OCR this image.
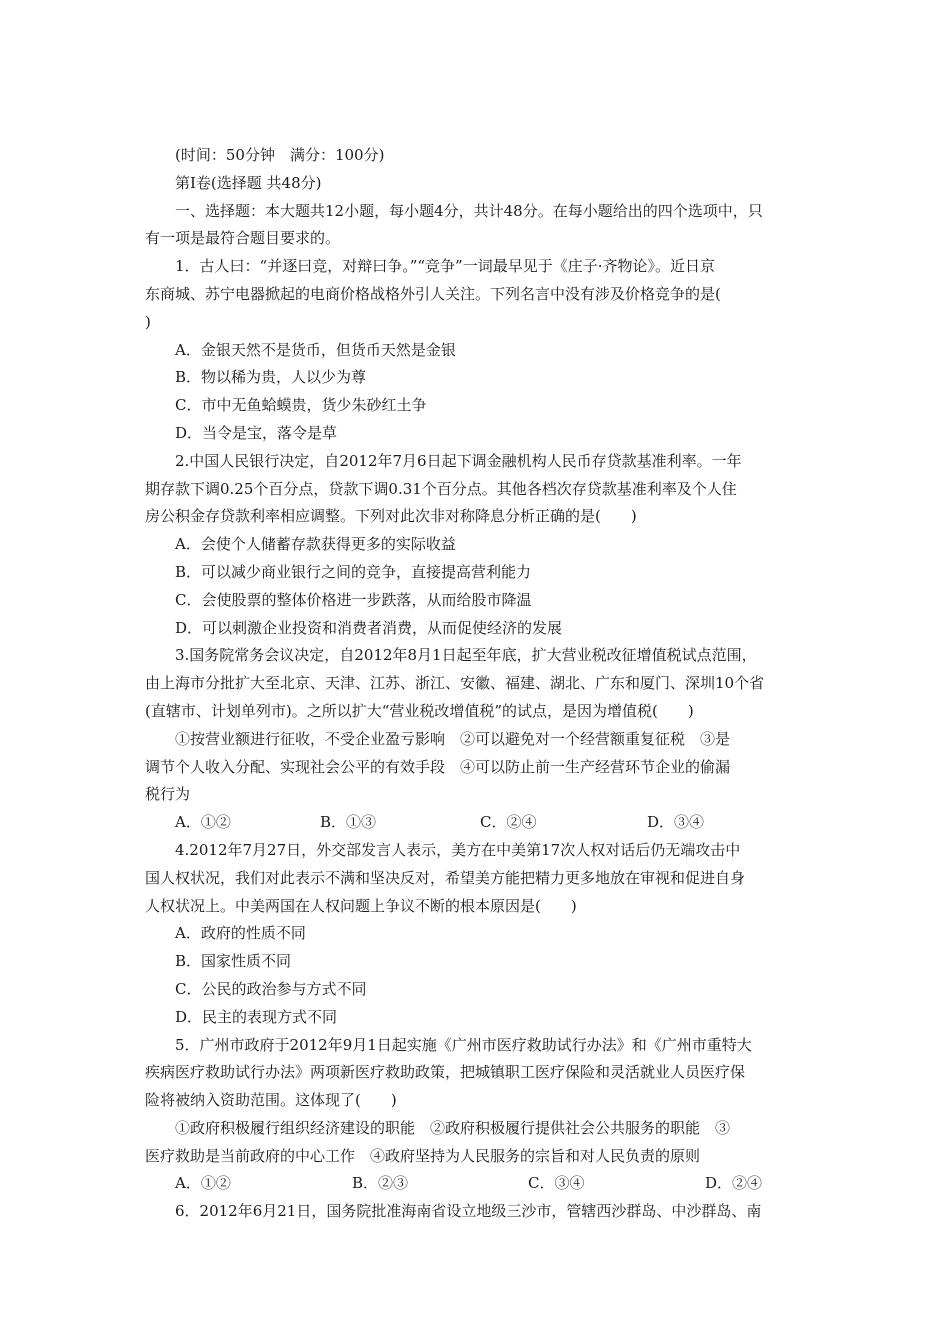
(时间：50分钟　满分：100分)
第Ⅰ卷(选择题 共48分)
一、选择题：本大题共12小题，每小题4分，共计48分。在每小题给出的四个选项中，只
有一项是最符合题目要求的。
1．古人曰：“并逐曰竞，对辩曰争。”“竞争”一词最早见于《庄子·齐物论》。近日京
东商城、苏宁电器掀起的电商价格战格外引人关注。下列名言中没有涉及价格竞争的是(
)
A．金银天然不是货币，但货币天然是金银
B．物以稀为贵，人以少为尊
C．市中无鱼蛤蟆贵，货少朱砂红土争
D．当令是宝，落令是草
2.中国人民银行决定，自2012年7月6日起下调金融机构人民币存贷款基准利率。一年
期存款下调0.25个百分点，贷款下调0.31个百分点。其他各档次存贷款基准利率及个人住
房公积金存贷款利率相应调整。下列对此次非对称降息分析正确的是(　　)
A．会使个人储蓄存款获得更多的实际收益
B．可以减少商业银行之间的竞争，直接提高营利能力
C．会使股票的整体价格进一步跌落，从而给股市降温
D．可以刺激企业投资和消费者消费，从而促使经济的发展
3.国务院常务会议决定，自2012年8月1日起至年底，扩大营业税改征增值税试点范围，
由上海市分批扩大至北京、天津、江苏、浙江、安徽、福建、湖北、广东和厦门、深圳10个省
(直辖市、计划单列市)。之所以扩大“营业税改增值税”的试点，是因为增值税(　　)
①按营业额进行征收，不受企业盈亏影响　②可以避免对一个经营额重复征税　③是
调节个人收入分配、实现社会公平的有效手段　④可以防止前一生产经营环节企业的偷漏
税行为
A．①②	B．①③	C．②④	D．③④
4.2012年7月27日，外交部发言人表示，美方在中美第17次人权对话后仍无端攻击中
国人权状况，我们对此表示不满和坚决反对，希望美方能把精力更多地放在审视和促进自身
人权状况上。中美两国在人权问题上争议不断的根本原因是(　　)
A．政府的性质不同
B．国家性质不同
C．公民的政治参与方式不同
D．民主的表现方式不同
5．广州市政府于2012年9月1日起实施《广州市医疗救助试行办法》和《广州市重特大
疾病医疗救助试行办法》两项新医疗救助政策，把城镇职工医疗保险和灵活就业人员医疗保
险将被纳入资助范围。这体现了(　　)
①政府积极履行组织经济建设的职能　②政府积极履行提供社会公共服务的职能　③
医疗救助是当前政府的中心工作　④政府坚持为人民服务的宗旨和对人民负责的原则
A．①②	B．②③	C．③④	D．②④
6．2012年6月21日，国务院批准海南省设立地级三沙市，管辖西沙群岛、中沙群岛、南
